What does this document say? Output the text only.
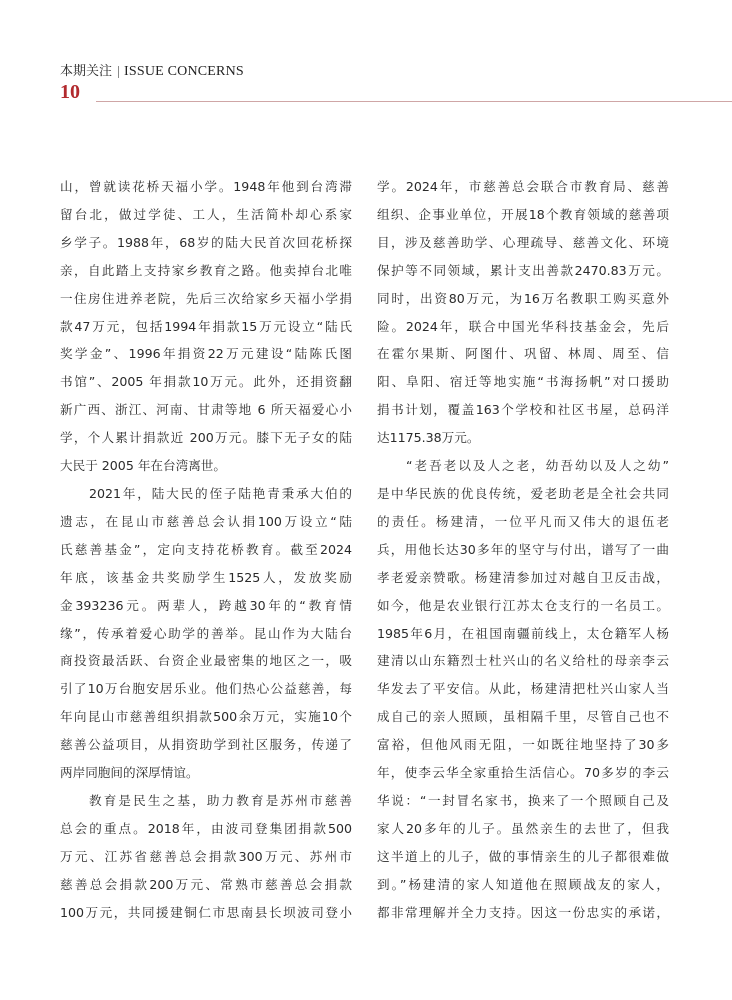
本期关注 ISSUE CONCERNS
10
山，曾就读花桥天福小学。1948年他到台湾滞
留台北，做过学徒、工人，生活简朴却心系家
乡学子。1988年，68岁的陆大民首次回花桥探
亲，自此踏上支持家乡教育之路。他卖掉台北唯
一住房住进养老院，先后三次给家乡天福小学捐
款47万元，包括1994年捐款15万元设立“陆氏
奖学金”、1996年捐资22万元建设“陆陈氏图
书馆”、2005 年捐款10万元。此外，还捐资翻
新广西、浙江、河南、甘肃等地 6 所天福爱心小
学，个人累计捐款近 200万元。膝下无子女的陆
大民于 2005 年在台湾离世。
2021年，陆大民的侄子陆艳青秉承大伯的
遗志，在昆山市慈善总会认捐100万设立“陆
氏慈善基金”，定向支持花桥教育。截至2024
年底，该基金共奖励学生1525人，发放奖励
金393236元。两辈人，跨越30年的“教育情
缘”，传承着爱心助学的善举。昆山作为大陆台
商投资最活跃、台资企业最密集的地区之一，吸
引了10万台胞安居乐业。他们热心公益慈善，每
年向昆山市慈善组织捐款500余万元，实施10个
慈善公益项目，从捐资助学到社区服务，传递了
两岸同胞间的深厚情谊。
教育是民生之基，助力教育是苏州市慈善
总会的重点。2018年，由波司登集团捐款500
万元、江苏省慈善总会捐款300万元、苏州市
慈善总会捐款200万元、常熟市慈善总会捐款
100万元，共同援建铜仁市思南县长坝波司登小
学。2024年，市慈善总会联合市教育局、慈善
组织、企事业单位，开展18个教育领域的慈善项
目，涉及慈善助学、心理疏导、慈善文化、环境
保护等不同领域，累计支出善款2470.83万元。
同时，出资80万元，为16万名教职工购买意外
险。2024年，联合中国光华科技基金会，先后
在霍尔果斯、阿图什、巩留、林周、周至、信
阳、阜阳、宿迁等地实施“书海扬帆”对口援助
捐书计划，覆盖163个学校和社区书屋，总码洋
达1175.38万元。
“老吾老以及人之老，幼吾幼以及人之幼”
是中华民族的优良传统，爱老助老是全社会共同
的责任。杨建清，一位平凡而又伟大的退伍老
兵，用他长达30多年的坚守与付出，谱写了一曲
孝老爱亲赞歌。杨建清参加过对越自卫反击战，
如今，他是农业银行江苏太仓支行的一名员工。
1985年6月，在祖国南疆前线上，太仓籍军人杨
建清以山东籍烈士杜兴山的名义给杜的母亲李云
华发去了平安信。从此，杨建清把杜兴山家人当
成自己的亲人照顾，虽相隔千里，尽管自己也不
富裕，但他风雨无阻，一如既往地坚持了30多
年，使李云华全家重拾生活信心。70多岁的李云
华说：“一封冒名家书，换来了一个照顾自己及
家人20多年的儿子。虽然亲生的去世了，但我
这半道上的儿子，做的事情亲生的儿子都很难做
到。”杨建清的家人知道他在照顾战友的家人，
都非常理解并全力支持。因这一份忠实的承诺，
